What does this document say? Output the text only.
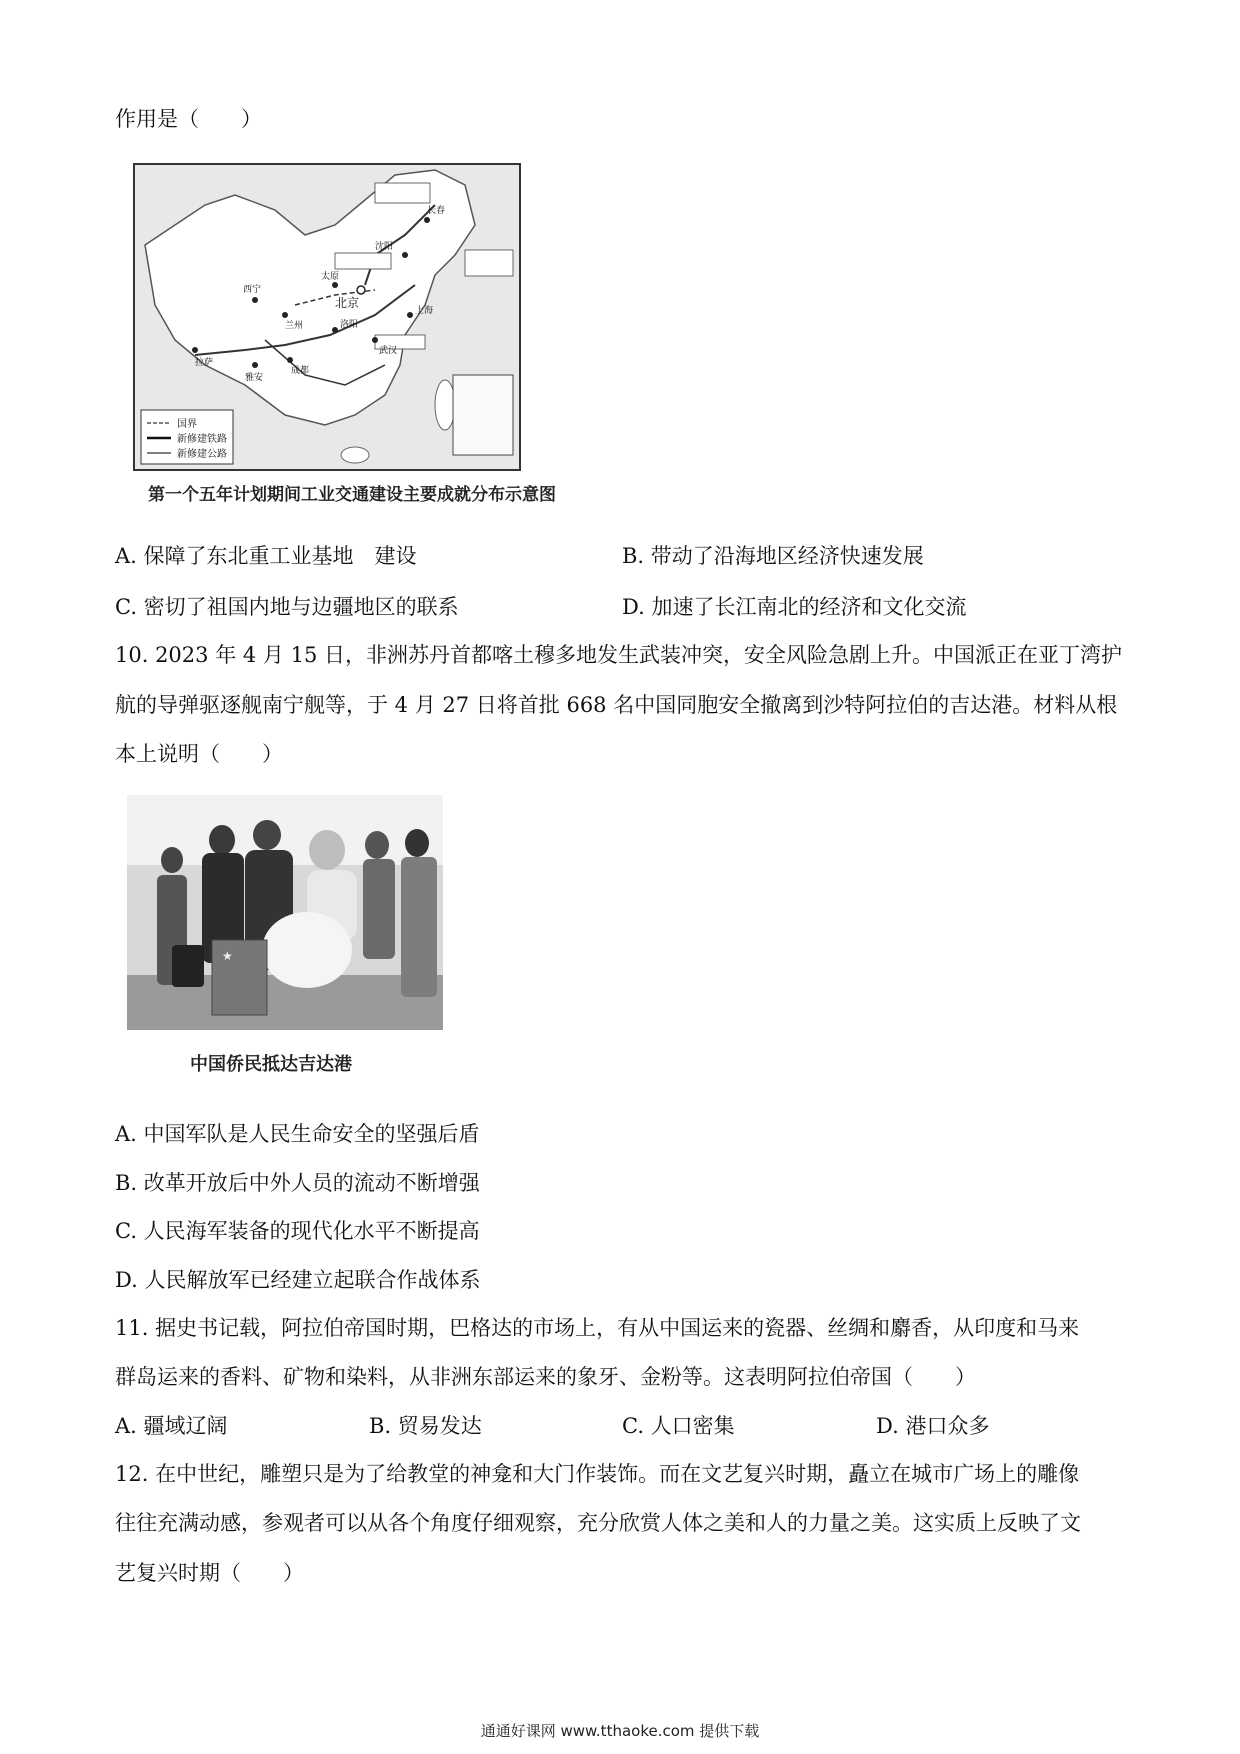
作用是（　　）
北京
沈阳
长春
西宁
兰州
拉萨
成都
雅安
武汉
上海
太原
洛阳
国界
新修建铁路
新修建公路
第一个五年计划期间工业交通建设主要成就分布示意图
A. 保障了东北重工业基地　建设	B. 带动了沿海地区经济快速发展
C. 密切了祖国内地与边疆地区的联系	D. 加速了长江南北的经济和文化交流
10. 2023 年 4 月 15 日，非洲苏丹首都喀土穆多地发生武装冲突，安全风险急剧上升。中国派正在亚丁湾护
航的导弹驱逐舰南宁舰等，于 4 月 27 日将首批 668 名中国同胞安全撤离到沙特阿拉伯的吉达港。材料从根
本上说明（　　）
★
中国侨民抵达吉达港
A. 中国军队是人民生命安全的坚强后盾
B. 改革开放后中外人员的流动不断增强
C. 人民海军装备的现代化水平不断提高
D. 人民解放军已经建立起联合作战体系
11. 据史书记载，阿拉伯帝国时期，巴格达的市场上，有从中国运来的瓷器、丝绸和麝香，从印度和马来
群岛运来的香料、矿物和染料，从非洲东部运来的象牙、金粉等。这表明阿拉伯帝国（　　）
A. 疆域辽阔	B. 贸易发达	C. 人口密集	D. 港口众多
12. 在中世纪，雕塑只是为了给教堂的神龛和大门作装饰。而在文艺复兴时期，矗立在城市广场上的雕像
往往充满动感，参观者可以从各个角度仔细观察，充分欣赏人体之美和人的力量之美。这实质上反映了文
艺复兴时期（　　）
通通好课网 www.tthaoke.com 提供下载
